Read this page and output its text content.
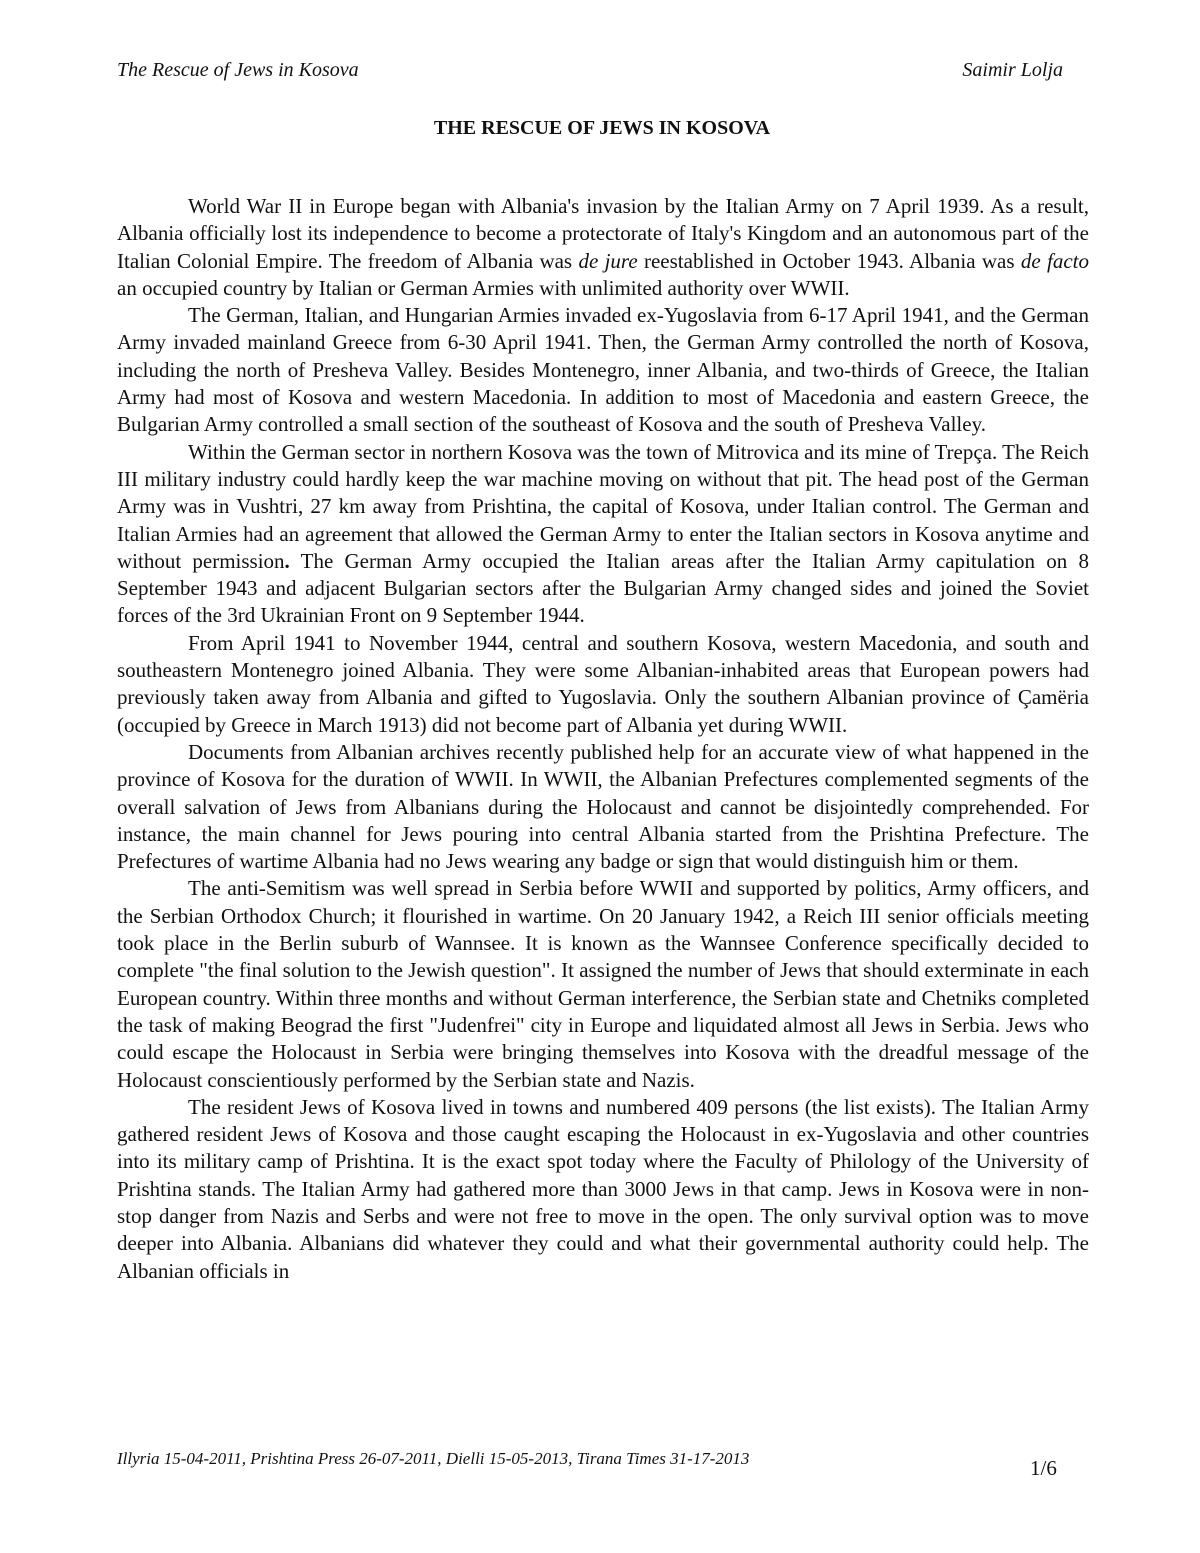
The Rescue of Jews in Kosova	Saimir Lolja
THE RESCUE OF JEWS IN KOSOVA

World War II in Europe began with Albania's invasion by the Italian Army on 7 April 1939. As a result, Albania officially lost its independence to become a protectorate of Italy's Kingdom and an autonomous part of the Italian Colonial Empire. The freedom of Albania was de jure reestablished in October 1943. Albania was de facto an occupied country by Italian or German Armies with unlimited authority over WWII.

The German, Italian, and Hungarian Armies invaded ex-Yugoslavia from 6-17 April 1941, and the German Army invaded mainland Greece from 6-30 April 1941. Then, the German Army controlled the north of Kosova, including the north of Presheva Valley. Besides Montenegro, inner Albania, and two-thirds of Greece, the Italian Army had most of Kosova and western Macedonia. In addition to most of Macedonia and eastern Greece, the Bulgarian Army controlled a small section of the southeast of Kosova and the south of Presheva Valley.

Within the German sector in northern Kosova was the town of Mitrovica and its mine of Trepça. The Reich III military industry could hardly keep the war machine moving on without that pit. The head post of the German Army was in Vushtri, 27 km away from Prishtina, the capital of Kosova, under Italian control. The German and Italian Armies had an agreement that allowed the German Army to enter the Italian sectors in Kosova anytime and without permission. The German Army occupied the Italian areas after the Italian Army capitulation on 8 September 1943 and adjacent Bulgarian sectors after the Bulgarian Army changed sides and joined the Soviet forces of the 3rd Ukrainian Front on 9 September 1944.

From April 1941 to November 1944, central and southern Kosova, western Macedonia, and south and southeastern Montenegro joined Albania. They were some Albanian-inhabited areas that European powers had previously taken away from Albania and gifted to Yugoslavia. Only the southern Albanian province of Çamëria (occupied by Greece in March 1913) did not become part of Albania yet during WWII.

Documents from Albanian archives recently published help for an accurate view of what happened in the province of Kosova for the duration of WWII. In WWII, the Albanian Prefectures complemented segments of the overall salvation of Jews from Albanians during the Holocaust and cannot be disjointedly comprehended. For instance, the main channel for Jews pouring into central Albania started from the Prishtina Prefecture. The Prefectures of wartime Albania had no Jews wearing any badge or sign that would distinguish him or them.

The anti-Semitism was well spread in Serbia before WWII and supported by politics, Army officers, and the Serbian Orthodox Church; it flourished in wartime. On 20 January 1942, a Reich III senior officials meeting took place in the Berlin suburb of Wannsee. It is known as the Wannsee Conference specifically decided to complete "the final solution to the Jewish question". It assigned the number of Jews that should exterminate in each European country. Within three months and without German interference, the Serbian state and Chetniks completed the task of making Beograd the first "Judenfrei" city in Europe and liquidated almost all Jews in Serbia. Jews who could escape the Holocaust in Serbia were bringing themselves into Kosova with the dreadful message of the Holocaust conscientiously performed by the Serbian state and Nazis.

The resident Jews of Kosova lived in towns and numbered 409 persons (the list exists). The Italian Army gathered resident Jews of Kosova and those caught escaping the Holocaust in ex-Yugoslavia and other countries into its military camp of Prishtina. It is the exact spot today where the Faculty of Philology of the University of Prishtina stands. The Italian Army had gathered more than 3000 Jews in that camp. Jews in Kosova were in non-stop danger from Nazis and Serbs and were not free to move in the open. The only survival option was to move deeper into Albania. Albanians did whatever they could and what their governmental authority could help. The Albanian officials in

Illyria 15-04-2011, Prishtina Press 26-07-2011, Dielli 15-05-2013, Tirana Times 31-17-2013	1/6
